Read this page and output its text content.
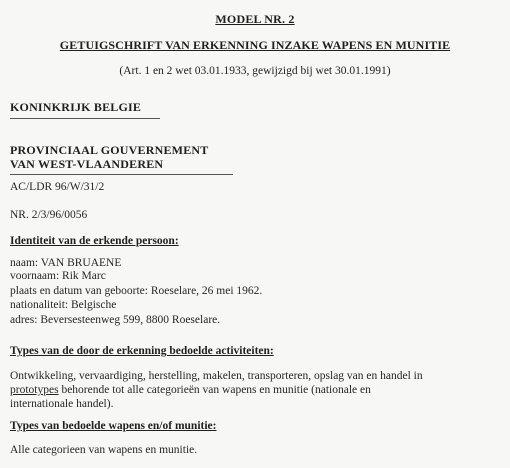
MODEL NR. 2
GETUIGSCHRIFT VAN ERKENNING INZAKE WAPENS EN MUNITIE
(Art. 1 en 2 wet 03.01.1933, gewijzigd bij wet 30.01.1991)
KONINKRIJK BELGIE
PROVINCIAAL GOUVERNEMENT
VAN WEST-VLAANDEREN
AC/LDR 96/W/31/2
NR. 2/3/96/0056
Identiteit van de erkende persoon:
naam: VAN BRUAENE
voornaam: Rik Marc
plaats en datum van geboorte: Roeselare, 26 mei 1962.
nationaliteit: Belgische
adres: Beversesteenweg 599, 8800 Roeselare.
Types van de door de erkenning bedoelde activiteiten:
Ontwikkeling, vervaardiging, herstelling, makelen, transporteren, opslag van en handel in
prototypes behorende tot alle categorieën van wapens en munitie (nationale en
internationale handel).
Types van bedoelde wapens en/of munitie:
Alle categorieen van wapens en munitie.
